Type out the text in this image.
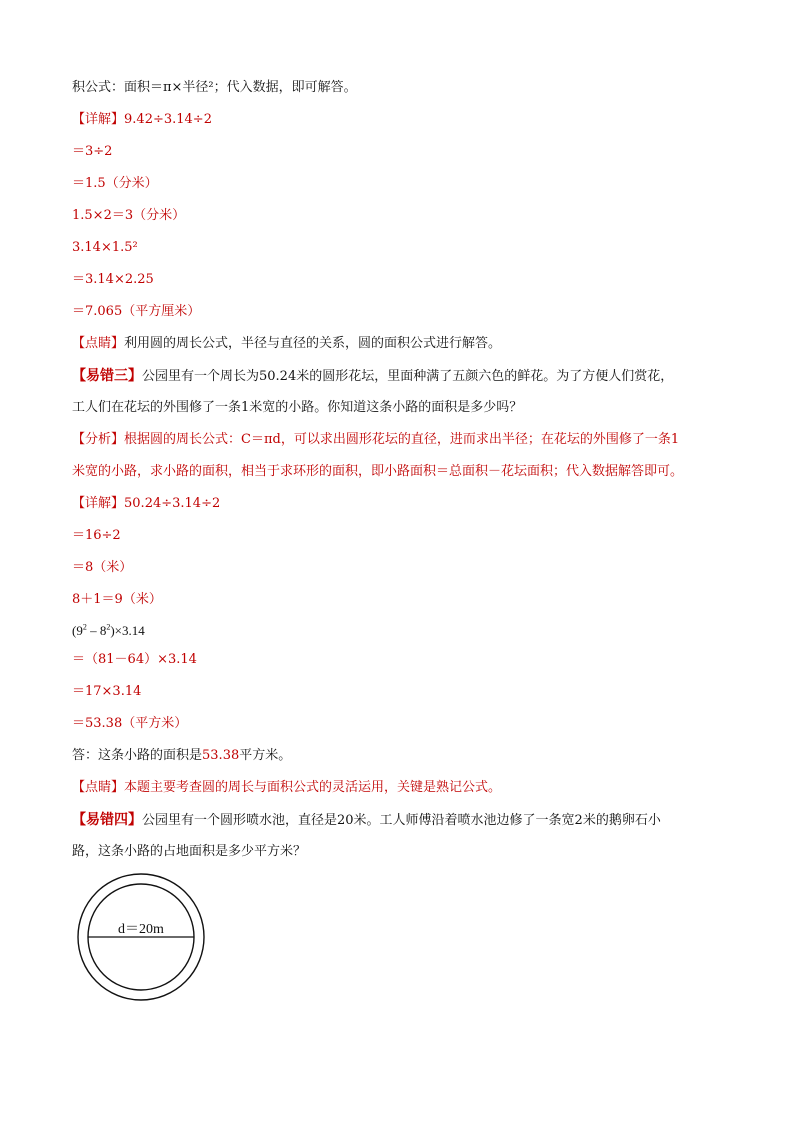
积公式：面积＝π×半径²；代入数据，即可解答。
【详解】9.42÷3.14÷2
＝3÷2
＝1.5（分米）
1.5×2＝3（分米）
3.14×1.5²
＝3.14×2.25
＝7.065（平方厘米）
【点睛】利用圆的周长公式，半径与直径的关系，圆的面积公式进行解答。
【易错三】公园里有一个周长为50.24米的圆形花坛，里面种满了五颜六色的鲜花。为了方便人们赏花，
工人们在花坛的外围修了一条1米宽的小路。你知道这条小路的面积是多少吗？
【分析】根据圆的周长公式：C＝πd，可以求出圆形花坛的直径，进而求出半径；在花坛的外围修了一条1
米宽的小路，求小路的面积，相当于求环形的面积，即小路面积＝总面积－花坛面积；代入数据解答即可。
【详解】50.24÷3.14÷2
＝16÷2
＝8（米）
8＋1＝9（米）
$(9^2 - 8^2)\times 3.14$
＝（81－64）×3.14
＝17×3.14
＝53.38（平方米）
答：这条小路的面积是53.38平方米。
【点睛】本题主要考查圆的周长与面积公式的灵活运用，关键是熟记公式。
【易错四】公园里有一个圆形喷水池，直径是20米。工人师傅沿着喷水池边修了一条宽2米的鹅卵石小
路，这条小路的占地面积是多少平方米？
d＝20m
